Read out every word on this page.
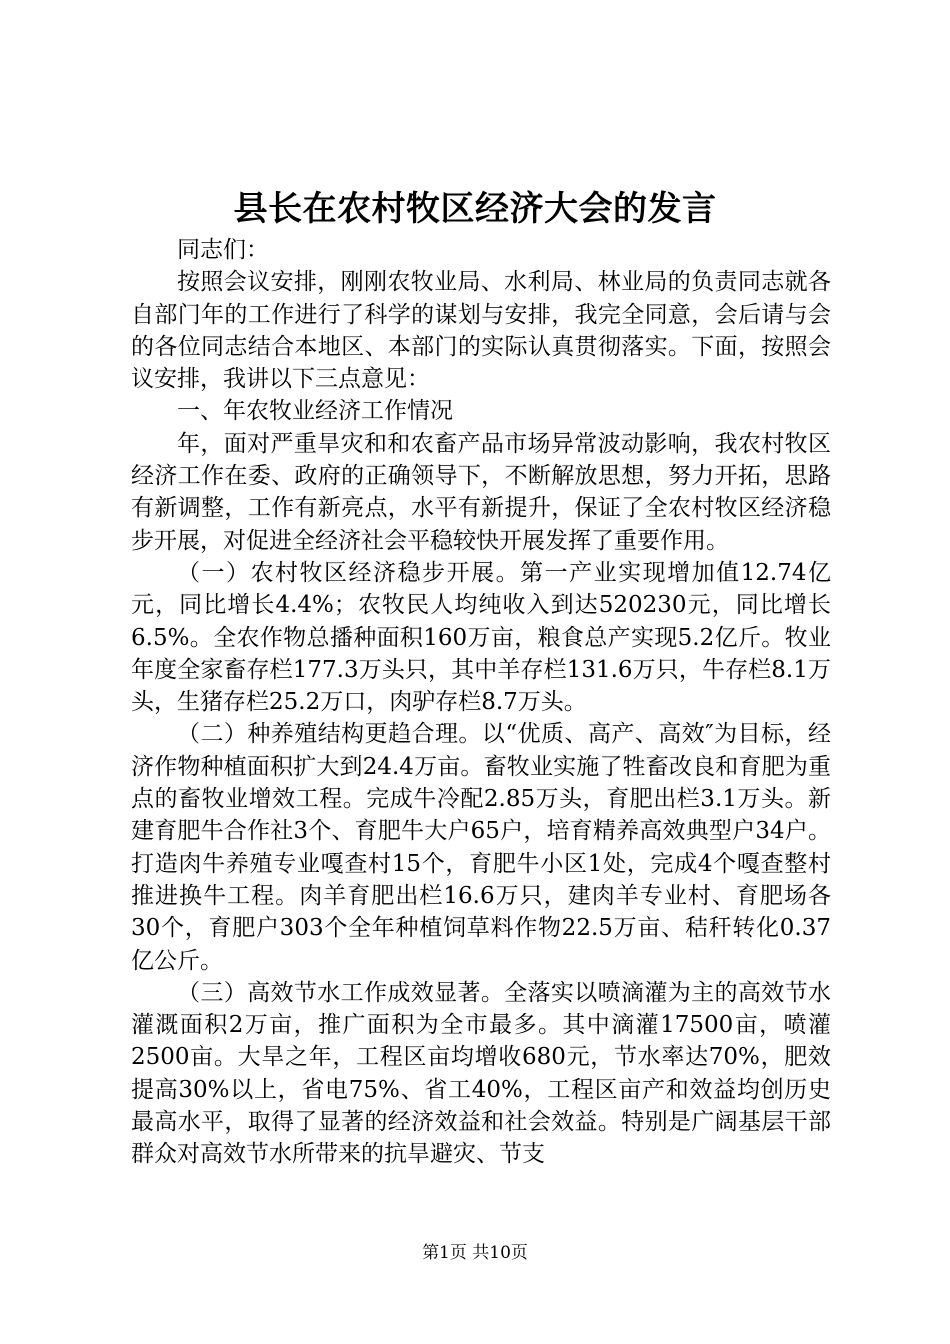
县长在农村牧区经济大会的发言

同志们：

按照会议安排，刚刚农牧业局、水利局、林业局的负责同志就各自部门年的工作进行了科学的谋划与安排，我完全同意，会后请与会的各位同志结合本地区、本部门的实际认真贯彻落实。下面，按照会议安排，我讲以下三点意见：

一、年农牧业经济工作情况

年，面对严重旱灾和和农畜产品市场异常波动影响，我农村牧区经济工作在委、政府的正确领导下，不断解放思想，努力开拓，思路有新调整，工作有新亮点，水平有新提升，保证了全农村牧区经济稳步开展，对促进全经济社会平稳较快开展发挥了重要作用。

（一）农村牧区经济稳步开展。第一产业实现增加值12.74亿元，同比增长4.4%；农牧民人均纯收入到达520230元，同比增长6.5%。全农作物总播种面积160万亩，粮食总产实现5.2亿斤。牧业年度全家畜存栏177.3万头只，其中羊存栏131.6万只，牛存栏8.1万头，生猪存栏25.2万口，肉驴存栏8.7万头。

（二）种养殖结构更趋合理。以“优质、高产、高效″为目标，经济作物种植面积扩大到24.4万亩。畜牧业实施了牲畜改良和育肥为重点的畜牧业增效工程。完成牛冷配2.85万头，育肥出栏3.1万头。新建育肥牛合作社3个、育肥牛大户65户，培育精养高效典型户34户。打造肉牛养殖专业嘎查村15个，育肥牛小区1处，完成4个嘎查整村推进换牛工程。肉羊育肥出栏16.6万只，建肉羊专业村、育肥场各30个，育肥户303个全年种植饲草料作物22.5万亩、秸秆转化0.37亿公斤。

（三）高效节水工作成效显著。全落实以喷滴灌为主的高效节水灌溉面积2万亩，推广面积为全市最多。其中滴灌17500亩，喷灌2500亩。大旱之年，工程区亩均增收680元，节水率达70%，肥效提高30%以上，省电75%、省工40%，工程区亩产和效益均创历史最高水平，取得了显著的经济效益和社会效益。特别是广阔基层干部群众对高效节水所带来的抗旱避灾、节支

第1页 共10页
